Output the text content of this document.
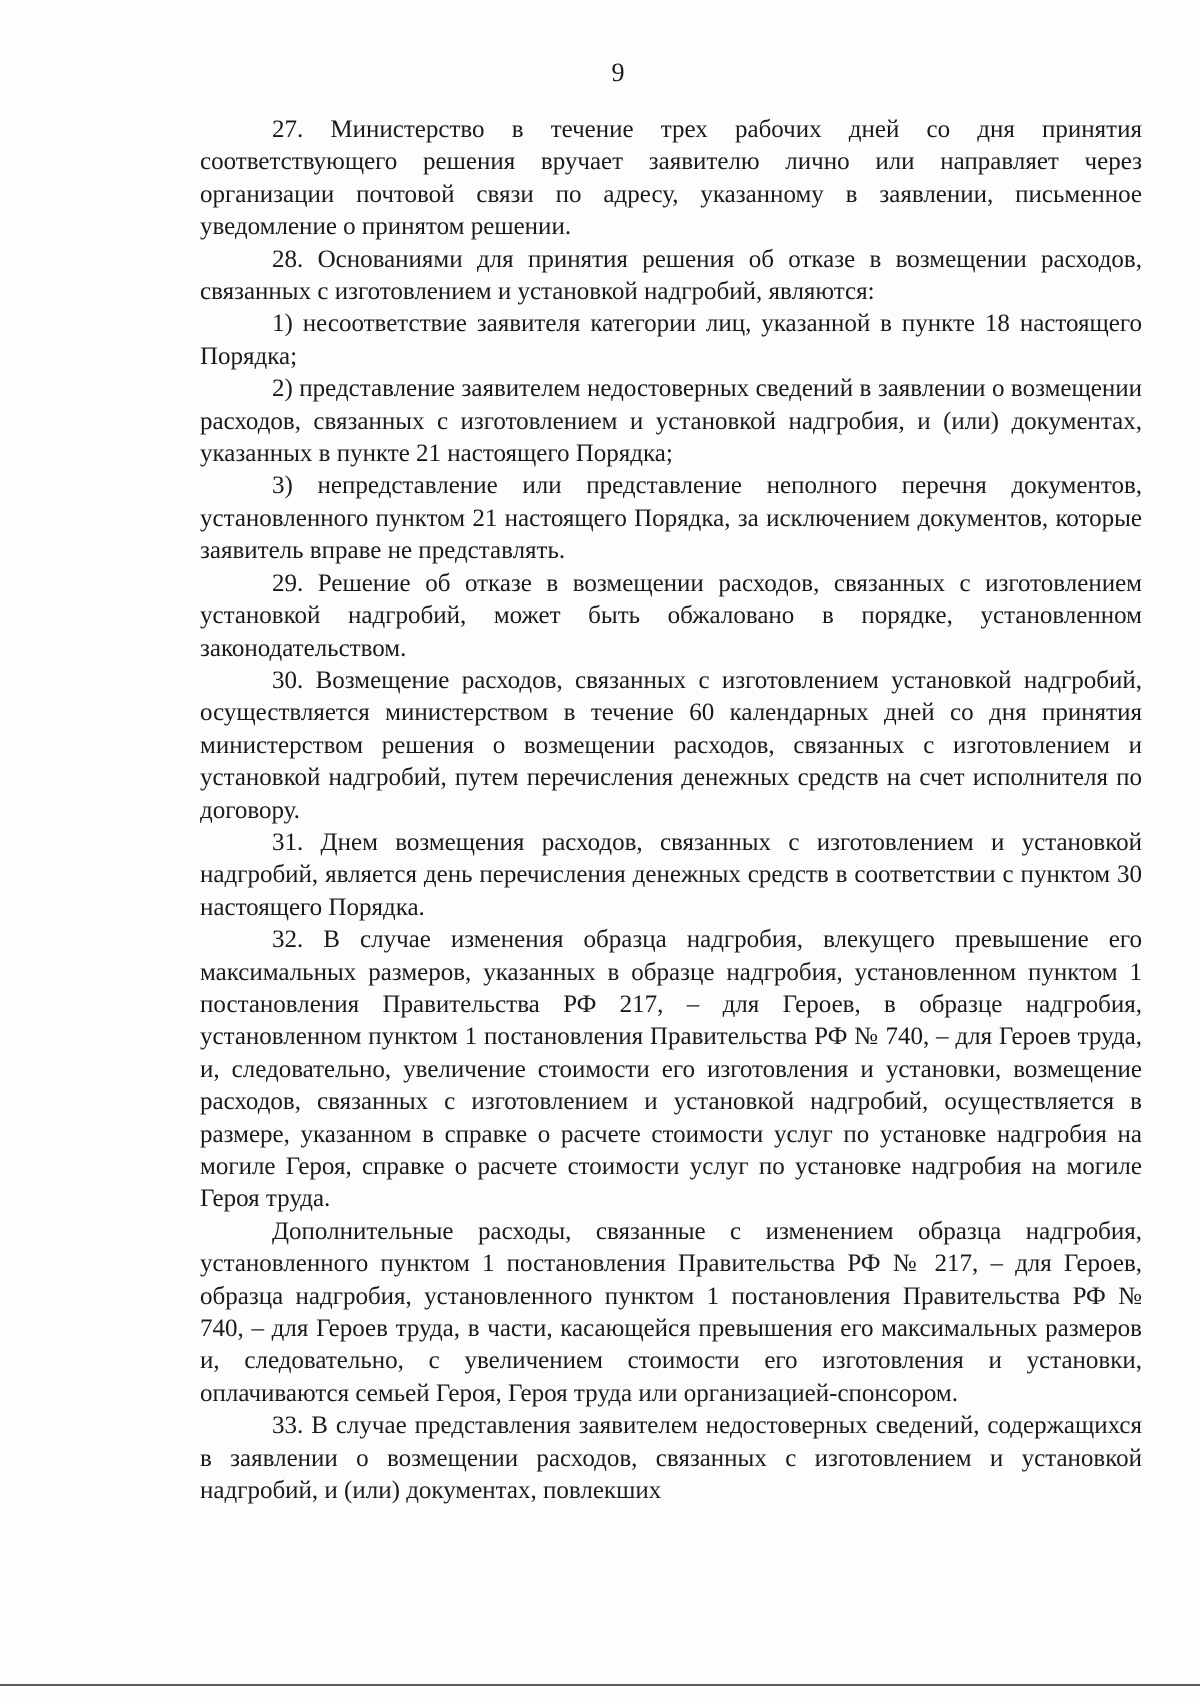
9

27. Министерство в течение трех рабочих дней со дня принятия соответствующего решения вручает заявителю лично или направляет через организации почтовой связи по адресу, указанному в заявлении, письменное уведомление о принятом решении.

28. Основаниями для принятия решения об отказе в возмещении расходов, связанных с изготовлением и установкой надгробий, являются:

1) несоответствие заявителя категории лиц, указанной в пункте 18 настоящего Порядка;

2) представление заявителем недостоверных сведений в заявлении о возмещении расходов, связанных с изготовлением и установкой надгробия, и (или) документах, указанных в пункте 21 настоящего Порядка;

3) непредставление или представление неполного перечня документов, установленного пунктом 21 настоящего Порядка, за исключением документов, которые заявитель вправе не представлять.

29. Решение об отказе в возмещении расходов, связанных с изготовлением установкой надгробий, может быть обжаловано в порядке, установленном законодательством.

30. Возмещение расходов, связанных с изготовлением установкой надгробий, осуществляется министерством в течение 60 календарных дней со дня принятия министерством решения о возмещении расходов, связанных с изготовлением и установкой надгробий, путем перечисления денежных средств на счет исполнителя по договору.

31. Днем возмещения расходов, связанных с изготовлением и установкой надгробий, является день перечисления денежных средств в соответствии с пунктом 30 настоящего Порядка.

32. В случае изменения образца надгробия, влекущего превышение его максимальных размеров, указанных в образце надгробия, установленном пунктом 1 постановления Правительства РФ 217, – для Героев, в образце надгробия, установленном пунктом 1 постановления Правительства РФ № 740, – для Героев труда, и, следовательно, увеличение стоимости его изготовления и установки, возмещение расходов, связанных с изготовлением и установкой надгробий, осуществляется в размере, указанном в справке о расчете стоимости услуг по установке надгробия на могиле Героя, справке о расчете стоимости услуг по установке надгробия на могиле Героя труда.

Дополнительные расходы, связанные с изменением образца надгробия, установленного пунктом 1 постановления Правительства РФ № 217, – для Героев, образца надгробия, установленного пунктом 1 постановления Правительства РФ № 740, – для Героев труда, в части, касающейся превышения его максимальных размеров и, следовательно, с увеличением стоимости его изготовления и установки, оплачиваются семьей Героя, Героя труда или организацией-спонсором.

33. В случае представления заявителем недостоверных сведений, содержащихся в заявлении о возмещении расходов, связанных с изготовлением и установкой надгробий, и (или) документах, повлекших
